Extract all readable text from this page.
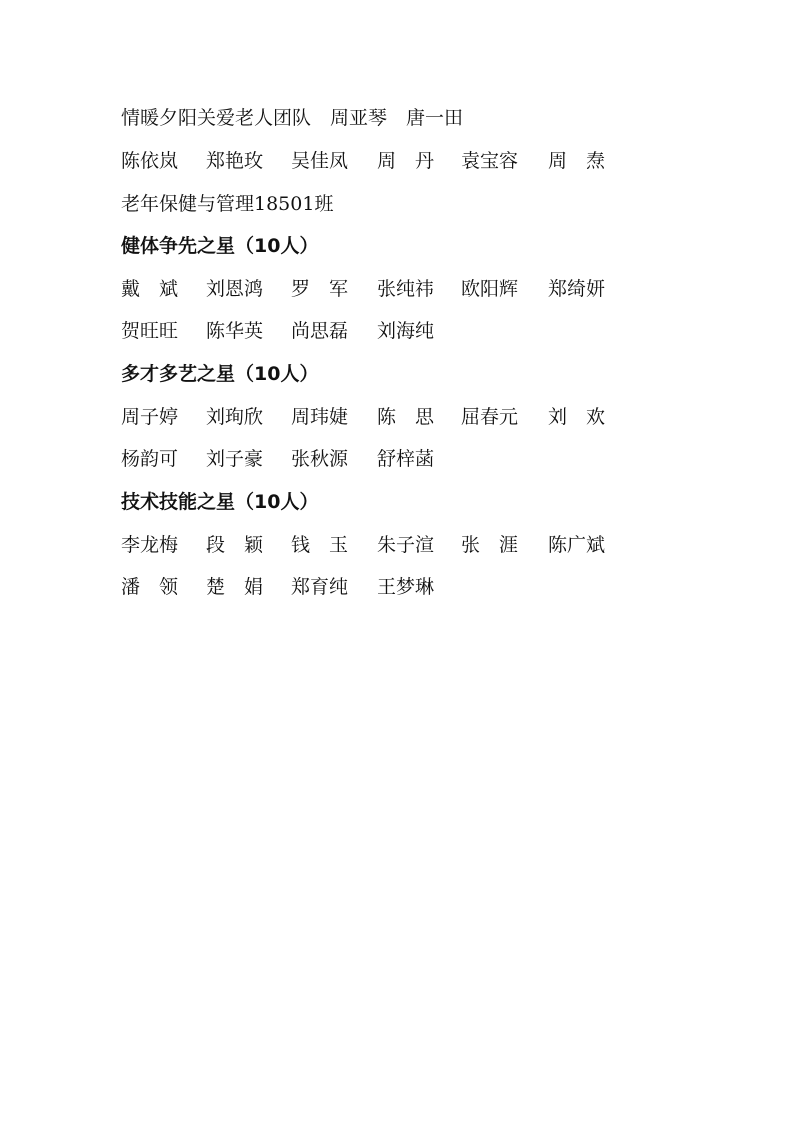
情暖夕阳关爱老人团队　周亚琴　唐一田
陈依岚 郑艳玫 吴佳凤 周　丹 袁宝容 周　焘
老年保健与管理18501班
健体争先之星（10人）
戴　斌 刘恩鸿 罗　军 张纯祎 欧阳辉 郑绮妍
贺旺旺 陈华英 尚思磊 刘海纯
多才多艺之星（10人）
周子婷 刘珣欣 周玮婕 陈　思 屈春元 刘　欢
杨韵可 刘子豪 张秋源 舒梓菡
技术技能之星（10人）
李龙梅 段　颖 钱　玉 朱子渲 张　涯 陈广斌
潘　领 楚　娟 郑育纯 王梦琳
